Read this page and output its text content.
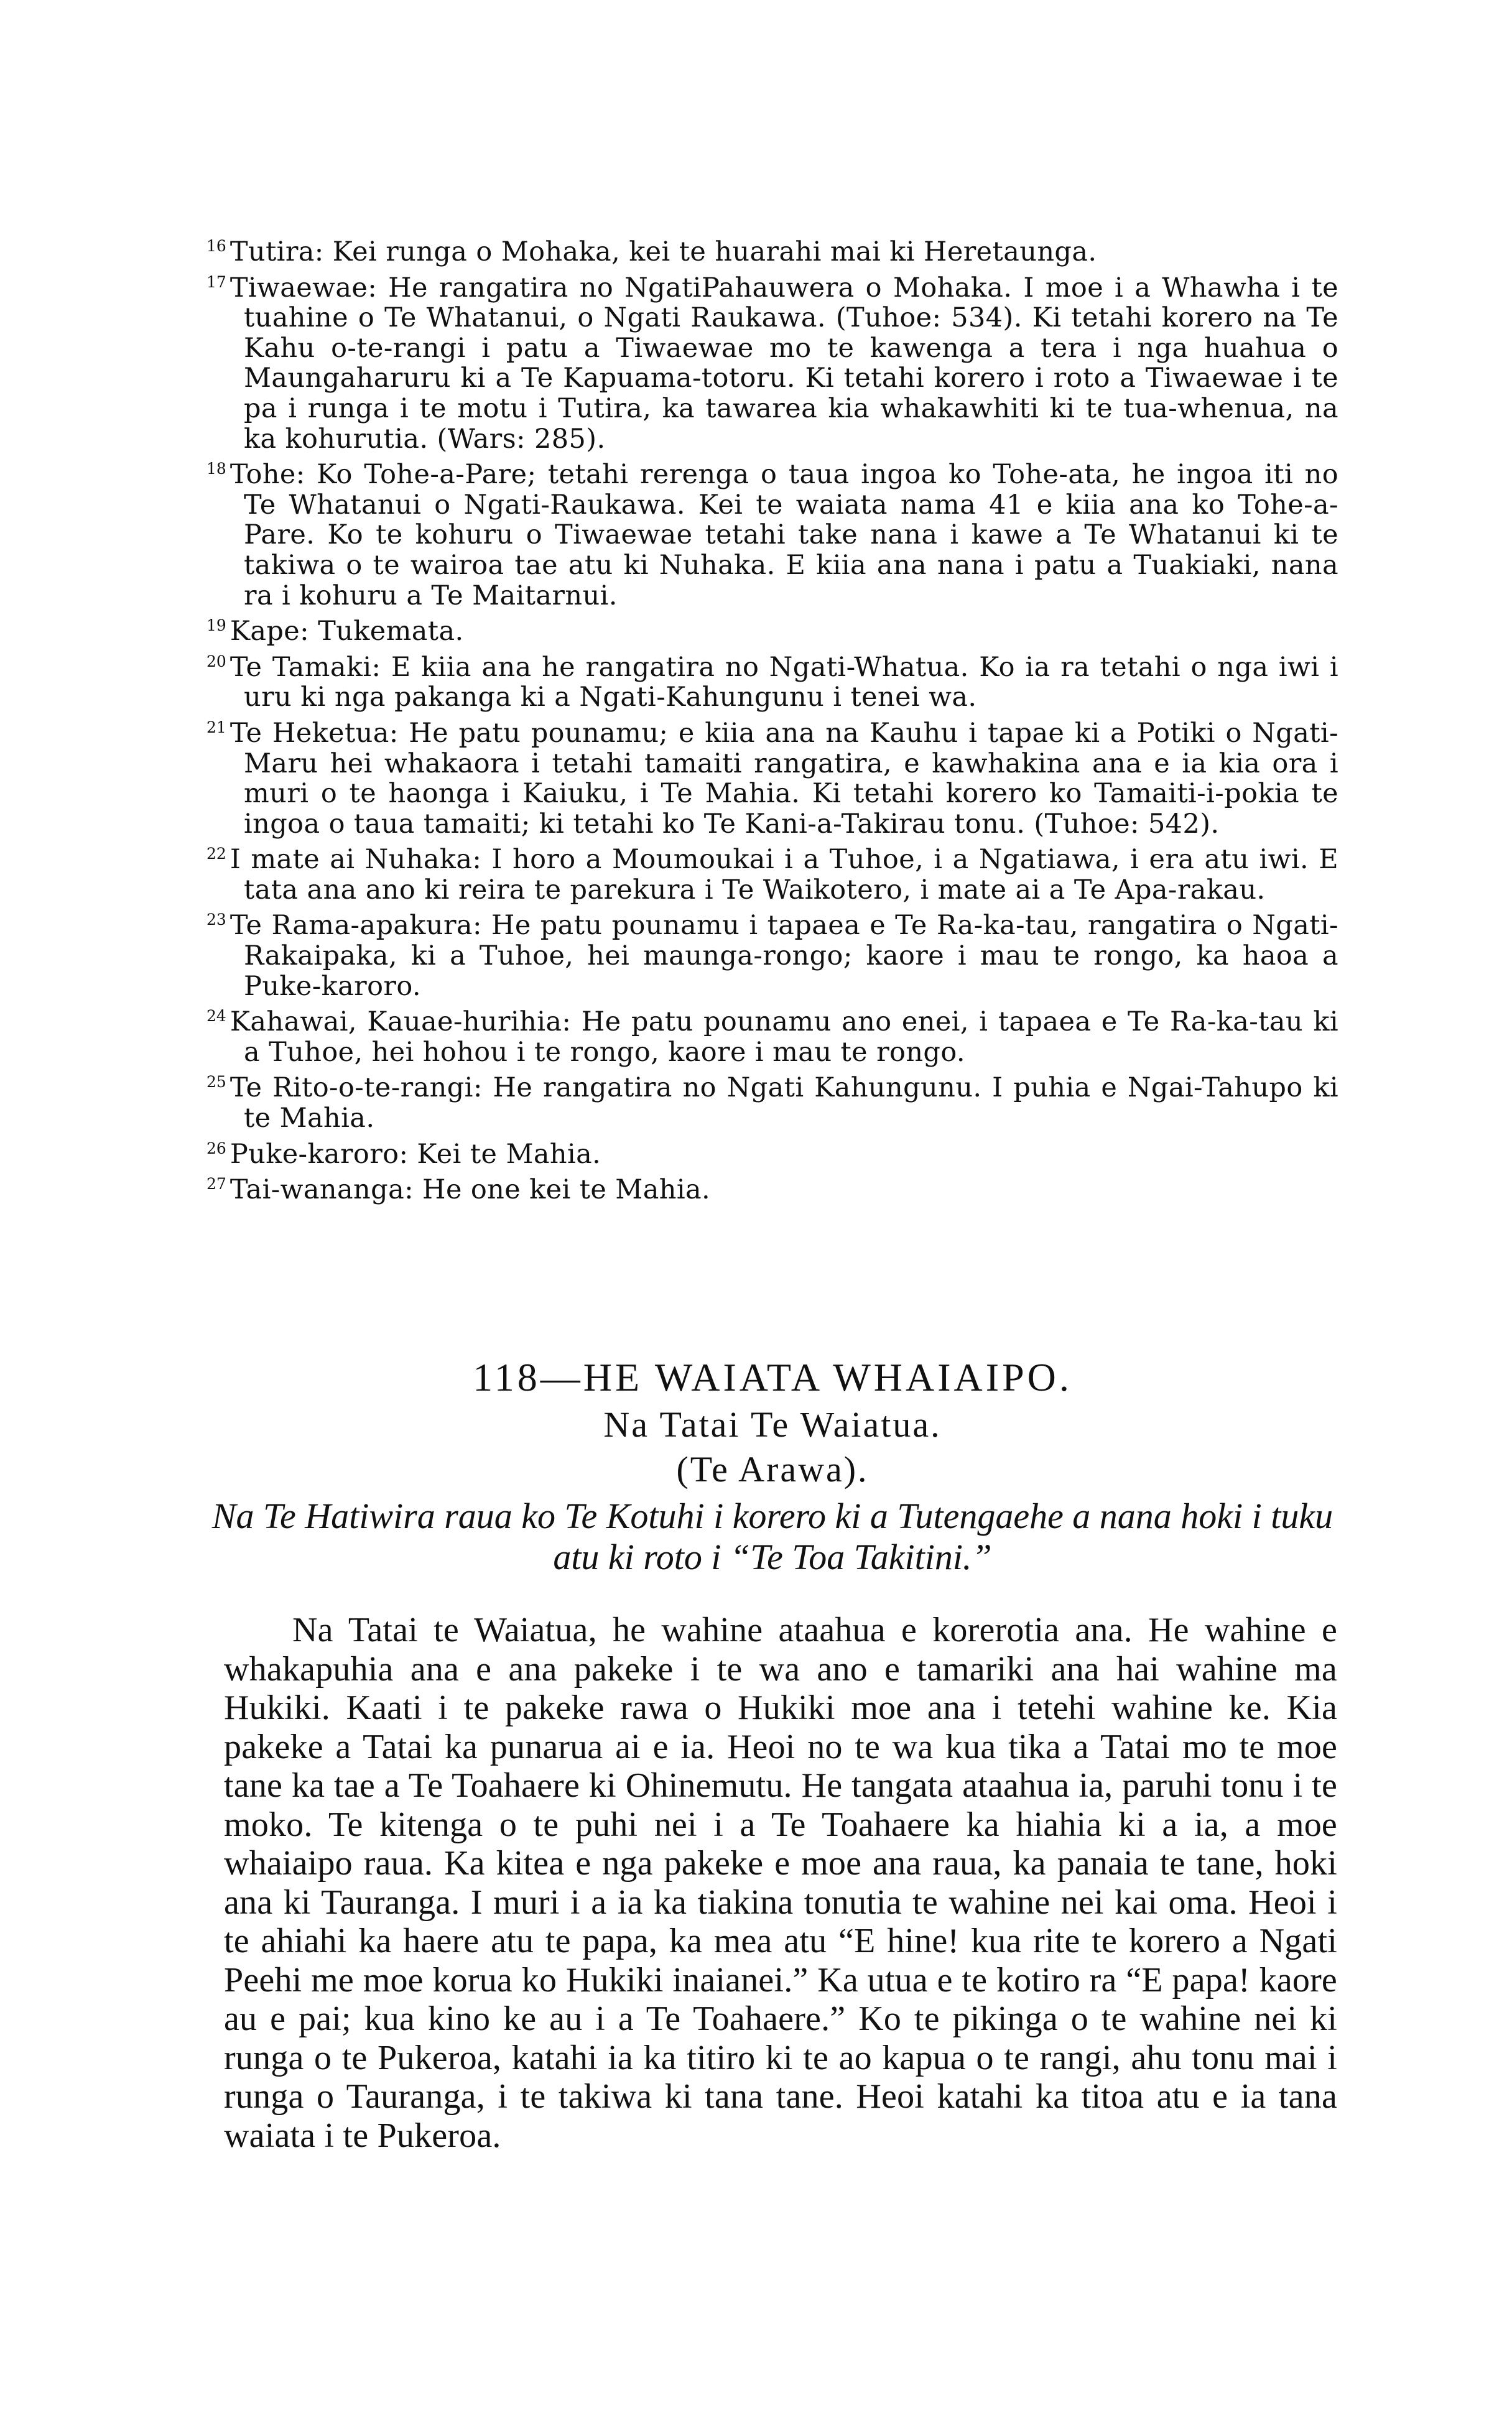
$^{16}$ Tutira: Kei runga o Mohaka, kei te huarahi mai ki Heretaunga.

$^{17}$ Tiwaewae: He rangatira no NgatiPahauwera o Mohaka. I moe i a Whawha i te tuahine o Te Whatanui, o Ngati Raukawa. (Tuhoe: 534). Ki tetahi korero na Te Kahu o-te-rangi i patu a Tiwaewae mo te kawenga a tera i nga huahua o Maungaharuru ki a Te Kapuama-totoru. Ki tetahi korero i roto a Tiwaewae i te pa i runga i te motu i Tutira, ka tawarea kia whakawhiti ki te tua-whenua, na ka kohurutia. (Wars: 285).

$^{18}$ Tohe: Ko Tohe-a-Pare; tetahi rerenga o taua ingoa ko Tohe-ata, he ingoa iti no Te Whatanui o Ngati-Raukawa. Kei te waiata nama 41 e kiia ana ko Tohe-a-Pare. Ko te kohuru o Tiwaewae tetahi take nana i kawe a Te Whatanui ki te takiwa o te wairoa tae atu ki Nuhaka. E kiia ana nana i patu a Tuakiaki, nana ra i kohuru a Te Maitarnui.

$^{19}$ Kape: Tukemata.

$^{20}$ Te Tamaki: E kiia ana he rangatira no Ngati-Whatua. Ko ia ra tetahi o nga iwi i uru ki nga pakanga ki a Ngati-Kahungunu i tenei wa.

$^{21}$ Te Heketua: He patu pounamu; e kiia ana na Kauhu i tapae ki a Potiki o Ngati-Maru hei whakaora i tetahi tamaiti rangatira, e kawhakina ana e ia kia ora i muri o te haonga i Kaiuku, i Te Mahia. Ki tetahi korero ko Tamaiti-i-pokia te ingoa o taua tamaiti; ki tetahi ko Te Kani-a-Takirau tonu. (Tuhoe: 542).

$^{22}$ I mate ai Nuhaka: I horo a Moumoukai i a Tuhoe, i a Ngatiawa, i era atu iwi. E tata ana ano ki reira te parekura i Te Waikotero, i mate ai a Te Apa-rakau.

$^{23}$ Te Rama-apakura: He patu pounamu i tapaea e Te Ra-ka-tau, rangatira o Ngati-Rakaipaka, ki a Tuhoe, hei maunga-rongo; kaore i mau te rongo, ka haoa a Puke-karoro.

$^{24}$ Kahawai, Kauae-hurihia: He patu pounamu ano enei, i tapaea e Te Ra-ka-tau ki a Tuhoe, hei hohou i te rongo, kaore i mau te rongo.

$^{25}$ Te Rito-o-te-rangi: He rangatira no Ngati Kahungunu. I puhia e Ngai-Tahupo ki te Mahia.

$^{26}$ Puke-karoro: Kei te Mahia.

$^{27}$ Tai-wananga: He one kei te Mahia.

118—HE WAIATA WHAIAIPO.
Na Tatai Te Waiatua.
(Te Arawa).
Na Te Hatiwira raua ko Te Kotuhi i korero ki a Tutengaehe a nana hoki i tuku atu ki roto i “Te Toa Takitini.”

Na Tatai te Waiatua, he wahine ataahua e korerotia ana. He wahine e whakapuhia ana e ana pakeke i te wa ano e tamariki ana hai wahine ma Hukiki. Kaati i te pakeke rawa o Hukiki moe ana i tetehi wahine ke. Kia pakeke a Tatai ka punarua ai e ia. Heoi no te wa kua tika a Tatai mo te moe tane ka tae a Te Toahaere ki Ohinemutu. He tangata ataahua ia, paruhi tonu i te moko. Te kitenga o te puhi nei i a Te Toahaere ka hiahia ki a ia, a moe whaiaipo raua. Ka kitea e nga pakeke e moe ana raua, ka panaia te tane, hoki ana ki Tauranga. I muri i a ia ka tiakina tonutia te wahine nei kai oma. Heoi i te ahiahi ka haere atu te papa, ka mea atu “E hine! kua rite te korero a Ngati Peehi me moe korua ko Hukiki inaianei.” Ka utua e te kotiro ra “E papa! kaore au e pai; kua kino ke au i a Te Toahaere.” Ko te pikinga o te wahine nei ki runga o te Pukeroa, katahi ia ka titiro ki te ao kapua o te rangi, ahu tonu mai i runga o Tauranga, i te takiwa ki tana tane. Heoi katahi ka titoa atu e ia tana waiata i te Pukeroa.
